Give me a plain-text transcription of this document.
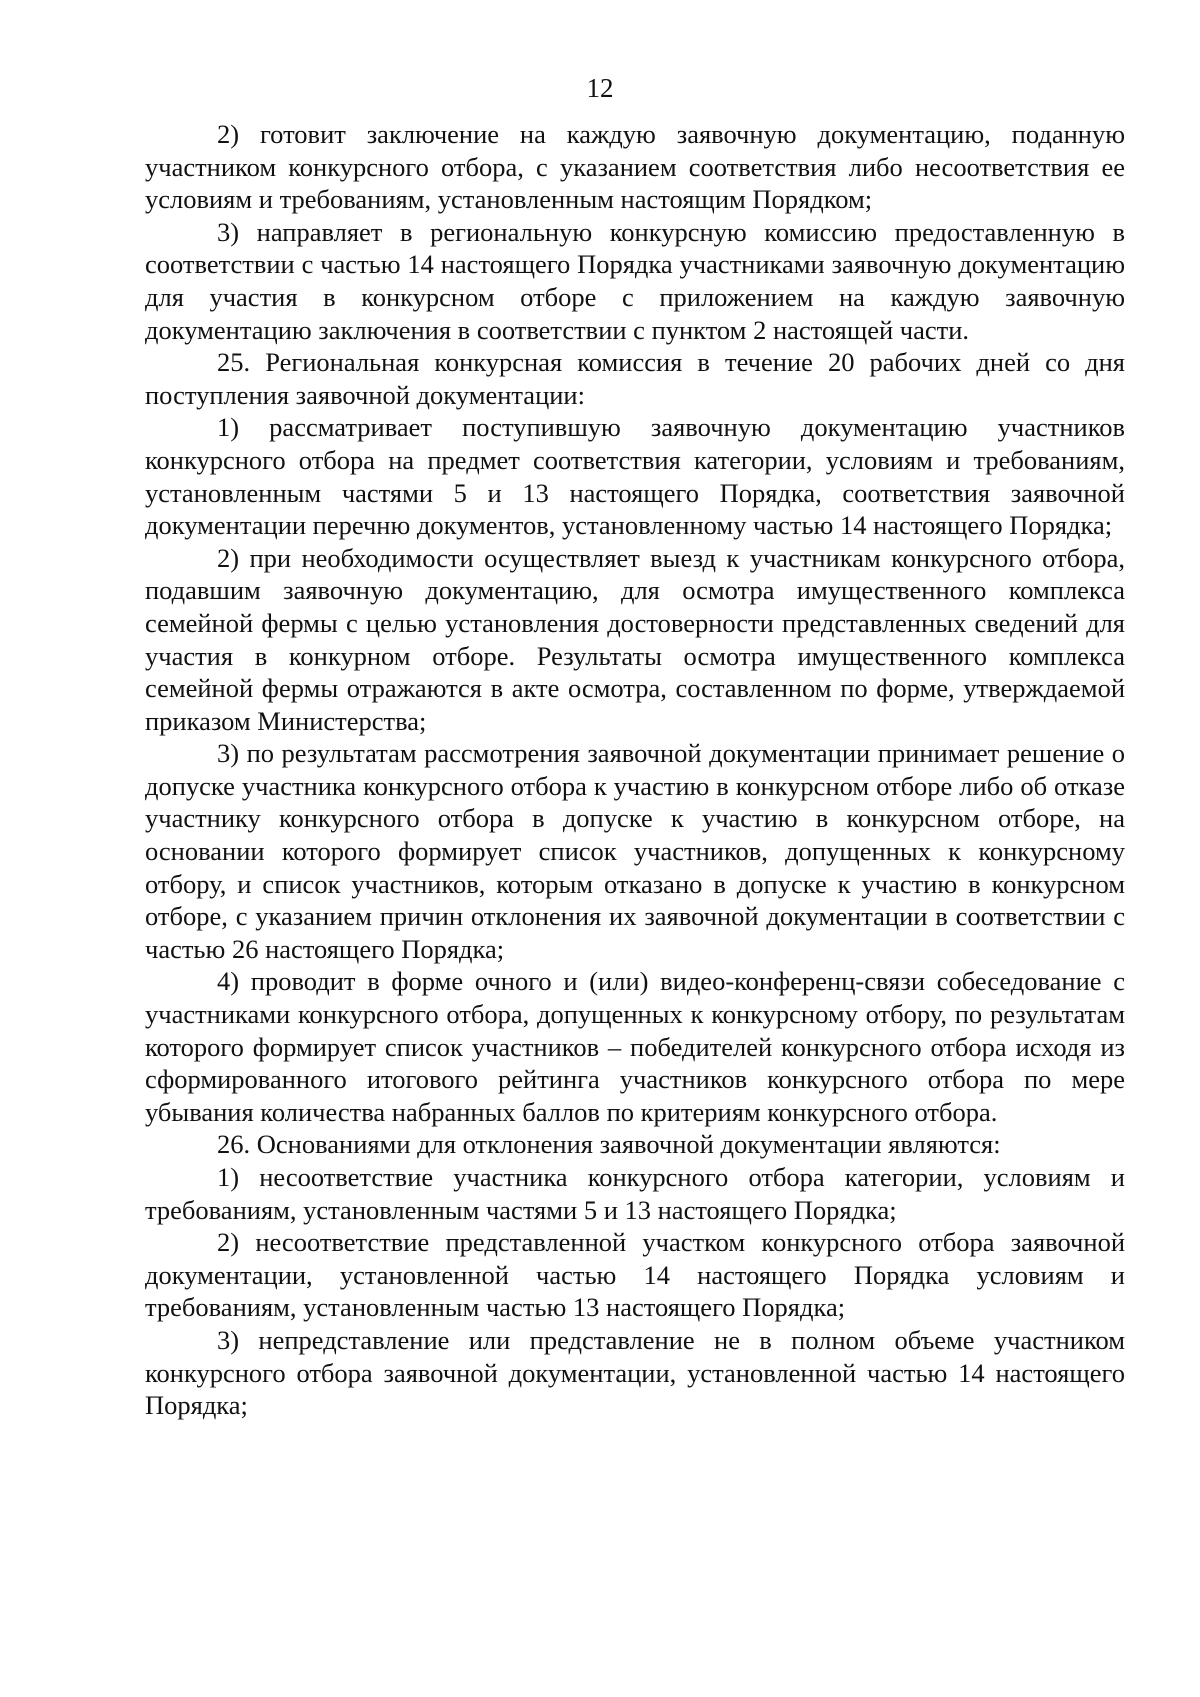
12

2) готовит заключение на каждую заявочную документацию, поданную участником конкурсного отбора, с указанием соответствия либо несоответствия ее условиям и требованиям, установленным настоящим Порядком;

3) направляет в региональную конкурсную комиссию предоставленную в соответствии с частью 14 настоящего Порядка участниками заявочную документацию для участия в конкурсном отборе с приложением на каждую заявочную документацию заключения в соответствии с пунктом 2 настоящей части.

25. Региональная конкурсная комиссия в течение 20 рабочих дней со дня поступления заявочной документации:

1) рассматривает поступившую заявочную документацию участников конкурсного отбора на предмет соответствия категории, условиям и требованиям, установленным частями 5 и 13 настоящего Порядка, соответствия заявочной документации перечню документов, установленному частью 14 настоящего Порядка;

2) при необходимости осуществляет выезд к участникам конкурсного отбора, подавшим заявочную документацию, для осмотра имущественного комплекса семейной фермы с целью установления достоверности представленных сведений для участия в конкурном отборе. Результаты осмотра имущественного комплекса семейной фермы отражаются в акте осмотра, составленном по форме, утверждаемой приказом Министерства;

3) по результатам рассмотрения заявочной документации принимает решение о допуске участника конкурсного отбора к участию в конкурсном отборе либо об отказе участнику конкурсного отбора в допуске к участию в конкурсном отборе, на основании которого формирует список участников, допущенных к конкурсному отбору, и список участников, которым отказано в допуске к участию в конкурсном отборе, с указанием причин отклонения их заявочной документации в соответствии с частью 26 настоящего Порядка;

4) проводит в форме очного и (или) видео-конференц-связи собеседование с участниками конкурсного отбора, допущенных к конкурсному отбору, по результатам которого формирует список участников – победителей конкурсного отбора исходя из сформированного итогового рейтинга участников конкурсного отбора по мере убывания количества набранных баллов по критериям конкурсного отбора.

26. Основаниями для отклонения заявочной документации являются:

1) несоответствие участника конкурсного отбора категории, условиям и требованиям, установленным частями 5 и 13 настоящего Порядка;

2) несоответствие представленной участком конкурсного отбора заявочной документации, установленной частью 14 настоящего Порядка условиям и требованиям, установленным частью 13 настоящего Порядка;

3) непредставление или представление не в полном объеме участником конкурсного отбора заявочной документации, установленной частью 14 настоящего Порядка;
